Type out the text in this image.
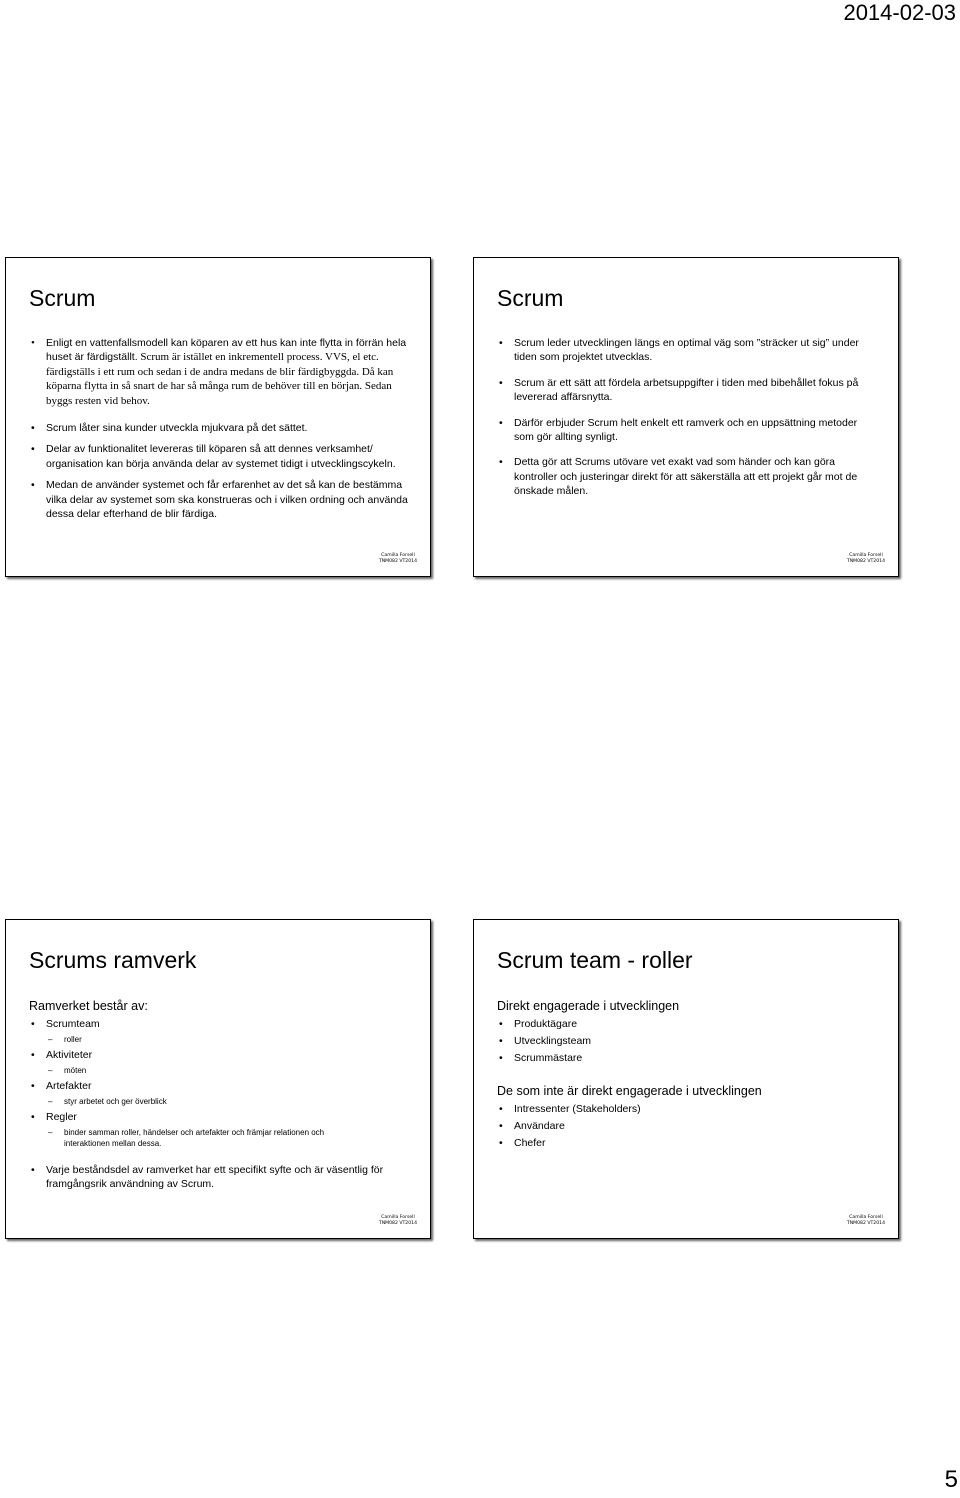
2014-02-03
Scrum
• Enligt en vattenfallsmodell kan köparen av ett hus kan inte flytta in förrän hela huset är färdigställt. Scrum är istället en inkrementell process. VVS, el etc. färdigställs i ett rum och sedan i de andra medans de blir färdigbyggda. Då kan köparna flytta in så snart de har så många rum de behöver till en början. Sedan byggs resten vid behov.
• Scrum låter sina kunder utveckla mjukvara på det sättet.
• Delar av funktionalitet levereras till köparen så att dennes verksamhet/ organisation kan börja använda delar av systemet tidigt i utvecklingscykeln.
• Medan de använder systemet och får erfarenhet av det så kan de bestämma vilka delar av systemet som ska konstrueras och i vilken ordning och använda dessa delar efterhand de blir färdiga.
Camilla Forsell
TNM082 VT2014
Scrum
• Scrum leder utvecklingen längs en optimal väg som ”sträcker ut sig” under tiden som projektet utvecklas.
• Scrum är ett sätt att fördela arbetsuppgifter i tiden med bibehållet fokus på levererad affärsnytta.
• Därför erbjuder Scrum helt enkelt ett ramverk och en uppsättning metoder som gör allting synligt.
• Detta gör att Scrums utövare vet exakt vad som händer och kan göra kontroller och justeringar direkt för att säkerställa att ett projekt går mot de önskade målen.
Camilla Forsell
TNM082 VT2014
Scrums ramverk
Ramverket består av:
• Scrumteam
– roller
• Aktiviteter
– möten
• Artefakter
– styr arbetet och ger överblick
• Regler
– binder samman roller, händelser och artefakter och främjar relationen och interaktionen mellan dessa.
• Varje beståndsdel av ramverket har ett specifikt syfte och är väsentlig för framgångsrik användning av Scrum.
Camilla Forsell
TNM082 VT2014
Scrum team - roller
Direkt engagerade i utvecklingen
• Produktägare
• Utvecklingsteam
• Scrummästare
De som inte är direkt engagerade i utvecklingen
• Intressenter (Stakeholders)
• Användare
• Chefer
Camilla Forsell
TNM082 VT2014
5
